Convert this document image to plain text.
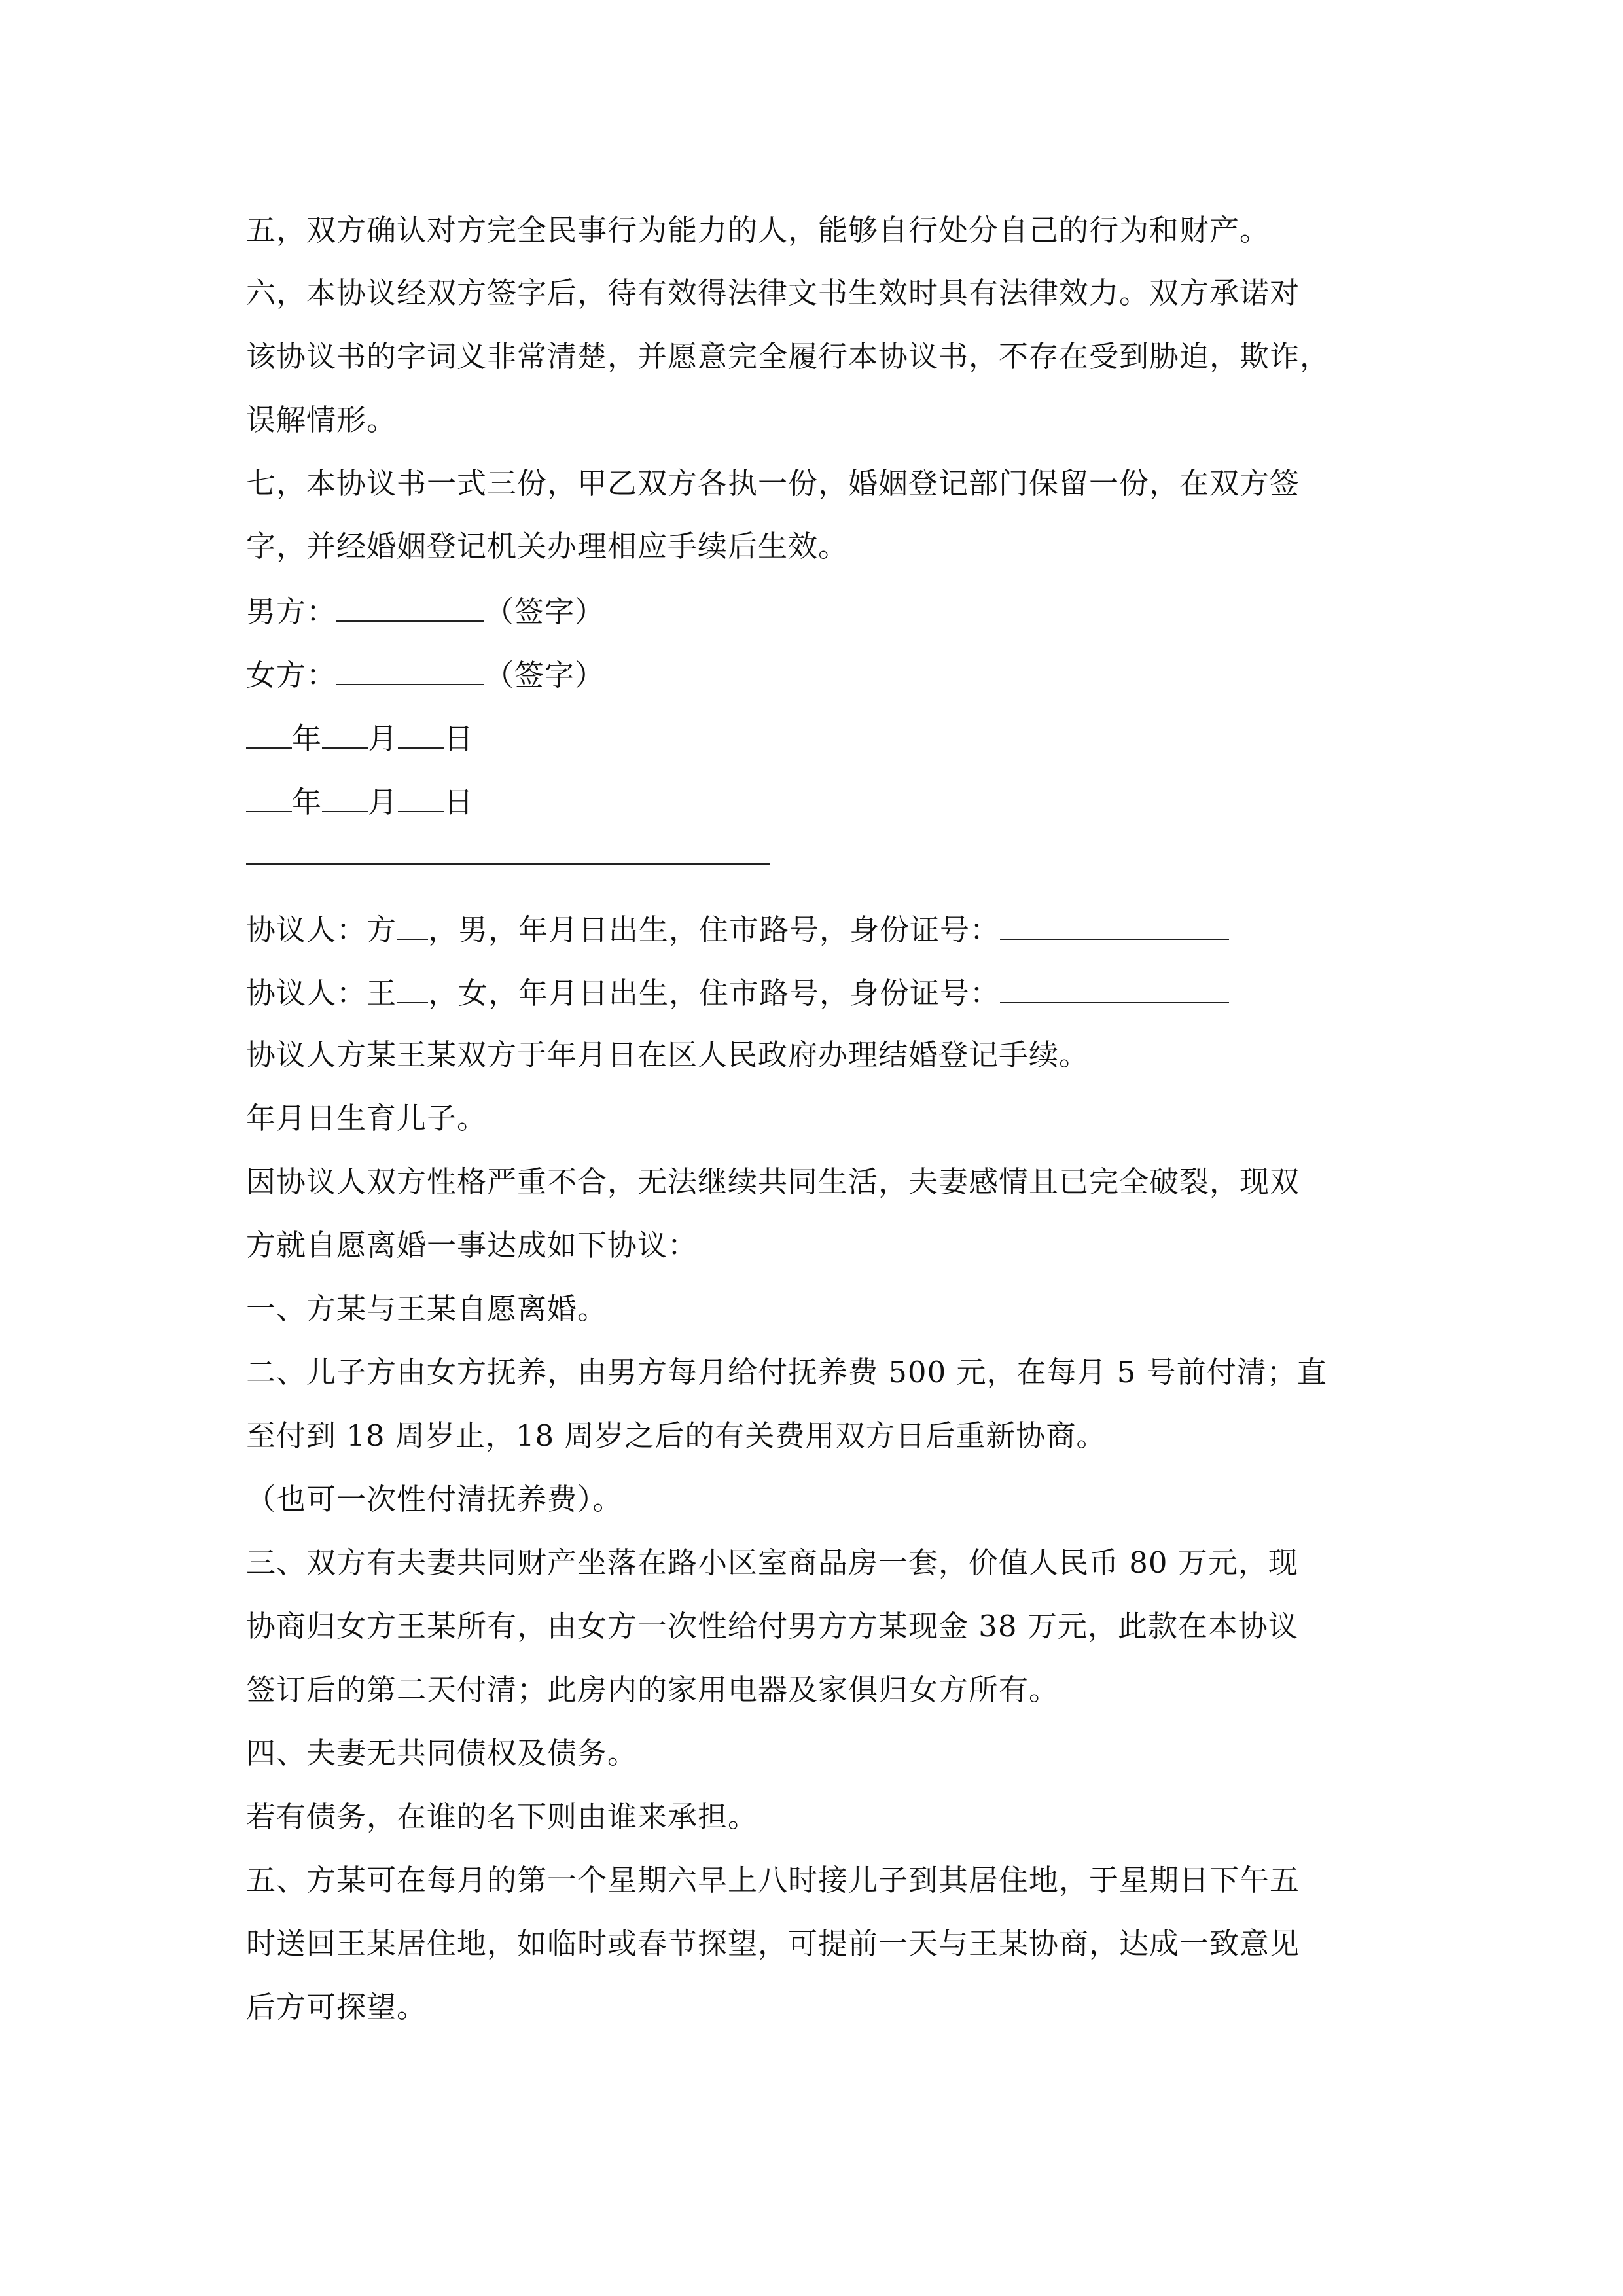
五，双方确认对方完全民事行为能力的人，能够自行处分自己的行为和财产。
六，本协议经双方签字后，待有效得法律文书生效时具有法律效力。双方承诺对
该协议书的字词义非常清楚，并愿意完全履行本协议书，不存在受到胁迫，欺诈，
误解情形。
七，本协议书一式三份，甲乙双方各执一份，婚姻登记部门保留一份，在双方签
字，并经婚姻登记机关办理相应手续后生效。
男方：	（签字）
女方：	（签字）
年 月 日
年 月 日
协议人：方 ，男，年月日出生，住市路号，身份证号：
协议人：王 ，女，年月日出生，住市路号，身份证号：
协议人方某王某双方于年月日在区人民政府办理结婚登记手续。
年月日生育儿子。
因协议人双方性格严重不合，无法继续共同生活，夫妻感情且已完全破裂，现双
方就自愿离婚一事达成如下协议：
一、方某与王某自愿离婚。
二、儿子方由女方抚养，由男方每月给付抚养费 500 元，在每月 5 号前付清；直
至付到 18 周岁止，18 周岁之后的有关费用双方日后重新协商。
（也可一次性付清抚养费）。
三、双方有夫妻共同财产坐落在路小区室商品房一套，价值人民币 80 万元，现
协商归女方王某所有，由女方一次性给付男方方某现金 38 万元，此款在本协议
签订后的第二天付清；此房内的家用电器及家俱归女方所有。
四、夫妻无共同债权及债务。
若有债务，在谁的名下则由谁来承担。
五、方某可在每月的第一个星期六早上八时接儿子到其居住地，于星期日下午五
时送回王某居住地，如临时或春节探望，可提前一天与王某协商，达成一致意见
后方可探望。
